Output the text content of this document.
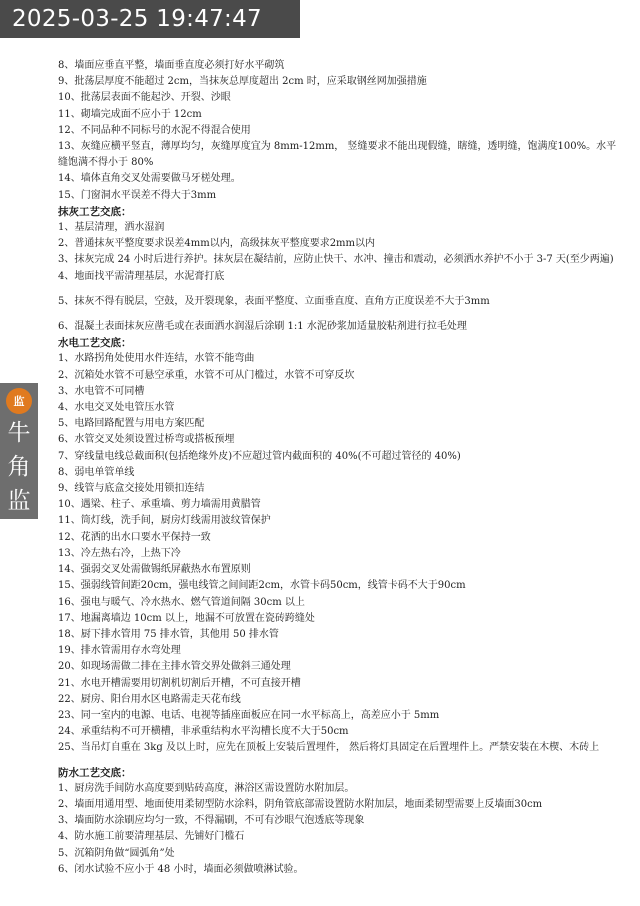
2025-03-25 19:47:47
监
牛
角
监
8、墙面应垂直平整，墙面垂直度必须打好水平砌筑
9、批荡层厚度不能超过 2cm，当抹灰总厚度超出 2cm 时，应采取钢丝网加强措施
10、批荡层表面不能起沙、开裂、沙眼
11、砌墙完成面不应小于 12cm
12、不同品种不同标号的水泥不得混合使用
13、灰缝应横平竖直，薄厚均匀，灰缝厚度宜为 8mm-12mm， 竖缝要求不能出现假缝，瞎缝，透明缝，饱满度100%。水平缝饱满不得小于 80%
14、墙体直角交叉处需要做马牙槎处理。
15、门窗洞水平误差不得大于3mm
抹灰工艺交底：
1、基层清理，洒水湿润
2、普通抹灰平整度要求误差4mm以内，高级抹灰平整度要求2mm以内
3、抹灰完成 24 小时后进行养护。抹灰层在凝结前，应防止快干、水冲、撞击和震动，必须洒水养护不小于 3-7 天(至少两遍)
4、地面找平需清理基层，水泥膏打底
5、抹灰不得有脱层，空鼓，及开裂现象，表面平整度、立面垂直度、直角方正度误差不大于3mm
6、混凝土表面抹灰应凿毛或在表面洒水润湿后涂刷 1:1 水泥砂浆加适量胶粘剂进行拉毛处理
水电工艺交底：
1、水路拐角处使用水件连结，水管不能弯曲
2、沉箱处水管不可悬空承重，水管不可从门槛过，水管不可穿反坎
3、水电管不可同槽
4、水电交叉处电管压水管
5、电路回路配置与用电方案匹配
6、水管交叉处须设置过桥弯或搭板预埋
7、穿线量电线总截面积(包括绝缘外皮)不应超过管内截面积的 40%(不可超过管径的 40%)
8、弱电单管单线
9、线管与底盒交接处用锁扣连结
10、遇梁、柱子、承重墙、剪力墙需用黄腊管
11、筒灯线，洗手间，厨房灯线需用波纹管保护
12、花洒的出水口要水平保持一致
13、冷左热右冷，上热下冷
14、强弱交叉处需做锡纸屏蔽热水布置原则
15、强弱线管间距20cm，强电线管之间间距2cm，水管卡码50cm，线管卡码不大于90cm
16、强电与暖气、冷水热水、燃气管道间隔 30cm 以上
17、地漏离墙边 10cm 以上，地漏不可放置在瓷砖跨缝处
18、厨下排水管用 75 排水管，其他用 50 排水管
19、排水管需用存水弯处理
20、如现场需做二排在主排水管交界处做斜三通处理
21、水电开槽需要用切割机切割后开槽，不可直接开槽
22、厨房、阳台用水区电路需走天花布线
23、同一室内的电源、电话、电视等插座面板应在同一水平标高上，高差应小于 5mm
24、承重结构不可开横槽，非承重结构水平沟槽长度不大于50cm
25、当吊灯自重在 3kg 及以上时，应先在顶板上安装后置埋件， 然后将灯具固定在后置埋件上。严禁安装在木楔、木砖上
防水工艺交底：
1、厨房洗手间防水高度要到贴砖高度，淋浴区需设置防水附加层。
2、墙面用通用型、地面使用柔韧型防水涂料，阴角管底部需设置防水附加层，地面柔韧型需要上反墙面30cm
3、墙面防水涂刷应均匀一致，不得漏刷，不可有沙眼气泡透底等现象
4、防水施工前要清理基层、先铺好门槛石
5、沉箱阴角做“圆弧角”处
6、闭水试验不应小于 48 小时，墙面必须做喷淋试验。
